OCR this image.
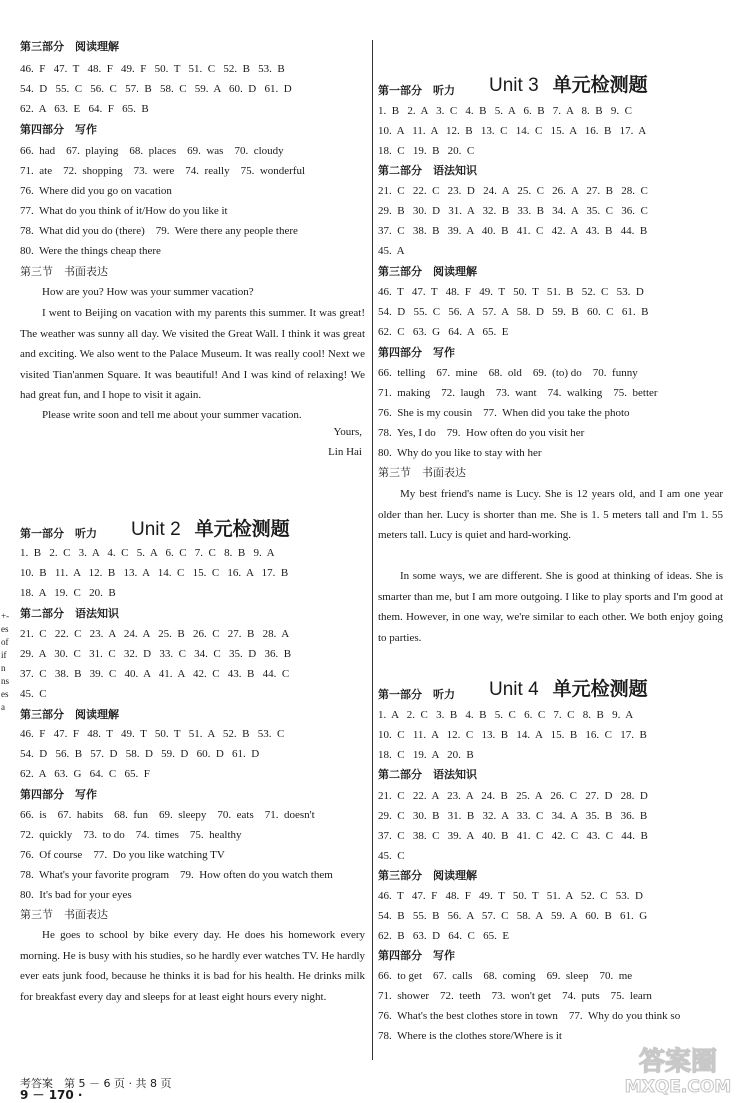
第三部分　阅读理解
46.  F   47.  T   48.  F   49.  F   50.  T   51.  C   52.  B   53.  B
54.  D   55.  C   56.  C   57.  B   58.  C   59.  A   60.  D   61.  D
62.  A   63.  E   64.  F   65.  B
第四部分　写作
66.  had    67.  playing    68.  places    69.  was    70.  cloudy
71.  ate    72.  shopping    73.  were    74.  really    75.  wonderful
76.  Where did you go on vacation
77.  What do you think of it/How do you like it
78.  What did you do (there)    79.  Were there any people there
80.  Were the things cheap there
第三节　书面表达
How are you? How was your summer vacation?
I went to Beijing on vacation with my parents this summer. It was great! The weather was sunny all day. We visited the Great Wall. I think it was great and exciting. We also went to the Palace Museum. It was really cool! Next we visited Tian'anmen Square. It was beautiful! And I was kind of relaxing! We had great fun, and I hope to visit it again.
Please write soon and tell me about your summer vacation.
Yours,
Lin Hai

Unit 2 单元检测题

第一部分　听力
1.  B   2.  C   3.  A   4.  C   5.  A   6.  C   7.  C   8.  B   9.  A
10.  B   11.  A   12.  B   13.  A   14.  C   15.  C   16.  A   17.  B
18.  A   19.  C   20.  B
第二部分　语法知识
21.  C   22.  C   23.  A   24.  A   25.  B   26.  C   27.  B   28.  A
29.  A   30.  C   31.  C   32.  D   33.  C   34.  C   35.  D   36.  B
37.  C   38.  B   39.  C   40.  A   41.  A   42.  C   43.  B   44.  C
45.  C
第三部分　阅读理解
46.  F   47.  F   48.  T   49.  T   50.  T   51.  A   52.  B   53.  C
54.  D   56.  B   57.  D   58.  D   59.  D   60.  D   61.  D
62.  A   63.  G   64.  C   65.  F
第四部分　写作
66.  is    67.  habits    68.  fun    69.  sleepy    70.  eats    71.  doesn't
72.  quickly    73.  to do    74.  times    75.  healthy
76.  Of course    77.  Do you like watching TV
78.  What's your favorite program    79.  How often do you watch them
80.  It's bad for your eyes
第三节　书面表达
He goes to school by bike every day. He does his homework every morning. He is busy with his studies, so he hardly ever watches TV. He hardly ever eats junk food, because he thinks it is bad for his health. He drinks milk for breakfast every day and sleeps for at least eight hours every night.
考答案　第 5 － 6 页 · 共 8 页
9 － 170 ·
+-
es
of
if
n
ns
es
a

Unit 3 单元检测题

第一部分　听力
1.  B   2.  A   3.  C   4.  B   5.  A   6.  B   7.  A   8.  B   9.  C
10.  A   11.  A   12.  B   13.  C   14.  C   15.  A   16.  B   17.  A
18.  C   19.  B   20.  C
第二部分　语法知识
21.  C   22.  C   23.  D   24.  A   25.  C   26.  A   27.  B   28.  C
29.  B   30.  D   31.  A   32.  B   33.  B   34.  A   35.  C   36.  C
37.  C   38.  B   39.  A   40.  B   41.  C   42.  A   43.  B   44.  B
45.  A
第三部分　阅读理解
46.  T   47.  T   48.  F   49.  T   50.  T   51.  B   52.  C   53.  D
54.  D   55.  C   56.  A   57.  A   58.  D   59.  B   60.  C   61.  B
62.  C   63.  G   64.  A   65.  E
第四部分　写作
66.  telling    67.  mine    68.  old    69.  (to) do    70.  funny
71.  making    72.  laugh    73.  want    74.  walking    75.  better
76.  She is my cousin    77.  When did you take the photo
78.  Yes, I do    79.  How often do you visit her
80.  Why do you like to stay with her
第三节　书面表达
My best friend's name is Lucy. She is 12 years old, and I am one year older than her. Lucy is shorter than me. She is 1. 5 meters tall and I'm 1. 55 meters tall. Lucy is quiet and hard-working.
In some ways, we are different. She is good at thinking of ideas. She is smarter than me, but I am more outgoing. I like to play sports and I'm good at them. However, in one way, we're similar to each other. We both enjoy going to parties.

Unit 4 单元检测题

第一部分　听力
1.  A   2.  C   3.  B   4.  B   5.  C   6.  C   7.  C   8.  B   9.  A
10.  C   11.  A   12.  C   13.  B   14.  A   15.  B   16.  C   17.  B
18.  C   19.  A   20.  B
第二部分　语法知识
21.  C   22.  A   23.  A   24.  B   25.  A   26.  C   27.  D   28.  D
29.  C   30.  B   31.  B   32.  A   33.  C   34.  A   35.  B   36.  B
37.  C   38.  C   39.  A   40.  B   41.  C   42.  C   43.  C   44.  B
45.  C
第三部分　阅读理解
46.  T   47.  F   48.  F   49.  T   50.  T   51.  A   52.  C   53.  D
54.  B   55.  B   56.  A   57.  C   58.  A   59.  A   60.  B   61.  G
62.  B   63.  D   64.  C   65.  E
第四部分　写作
66.  to get    67.  calls    68.  coming    69.  sleep    70.  me
71.  shower    72.  teeth    73.  won't get    74.  puts    75.  learn
76.  What's the best clothes store in town    77.  Why do you think so
78.  Where is the clothes store/Where is it
答案圈
MXQE.COM
